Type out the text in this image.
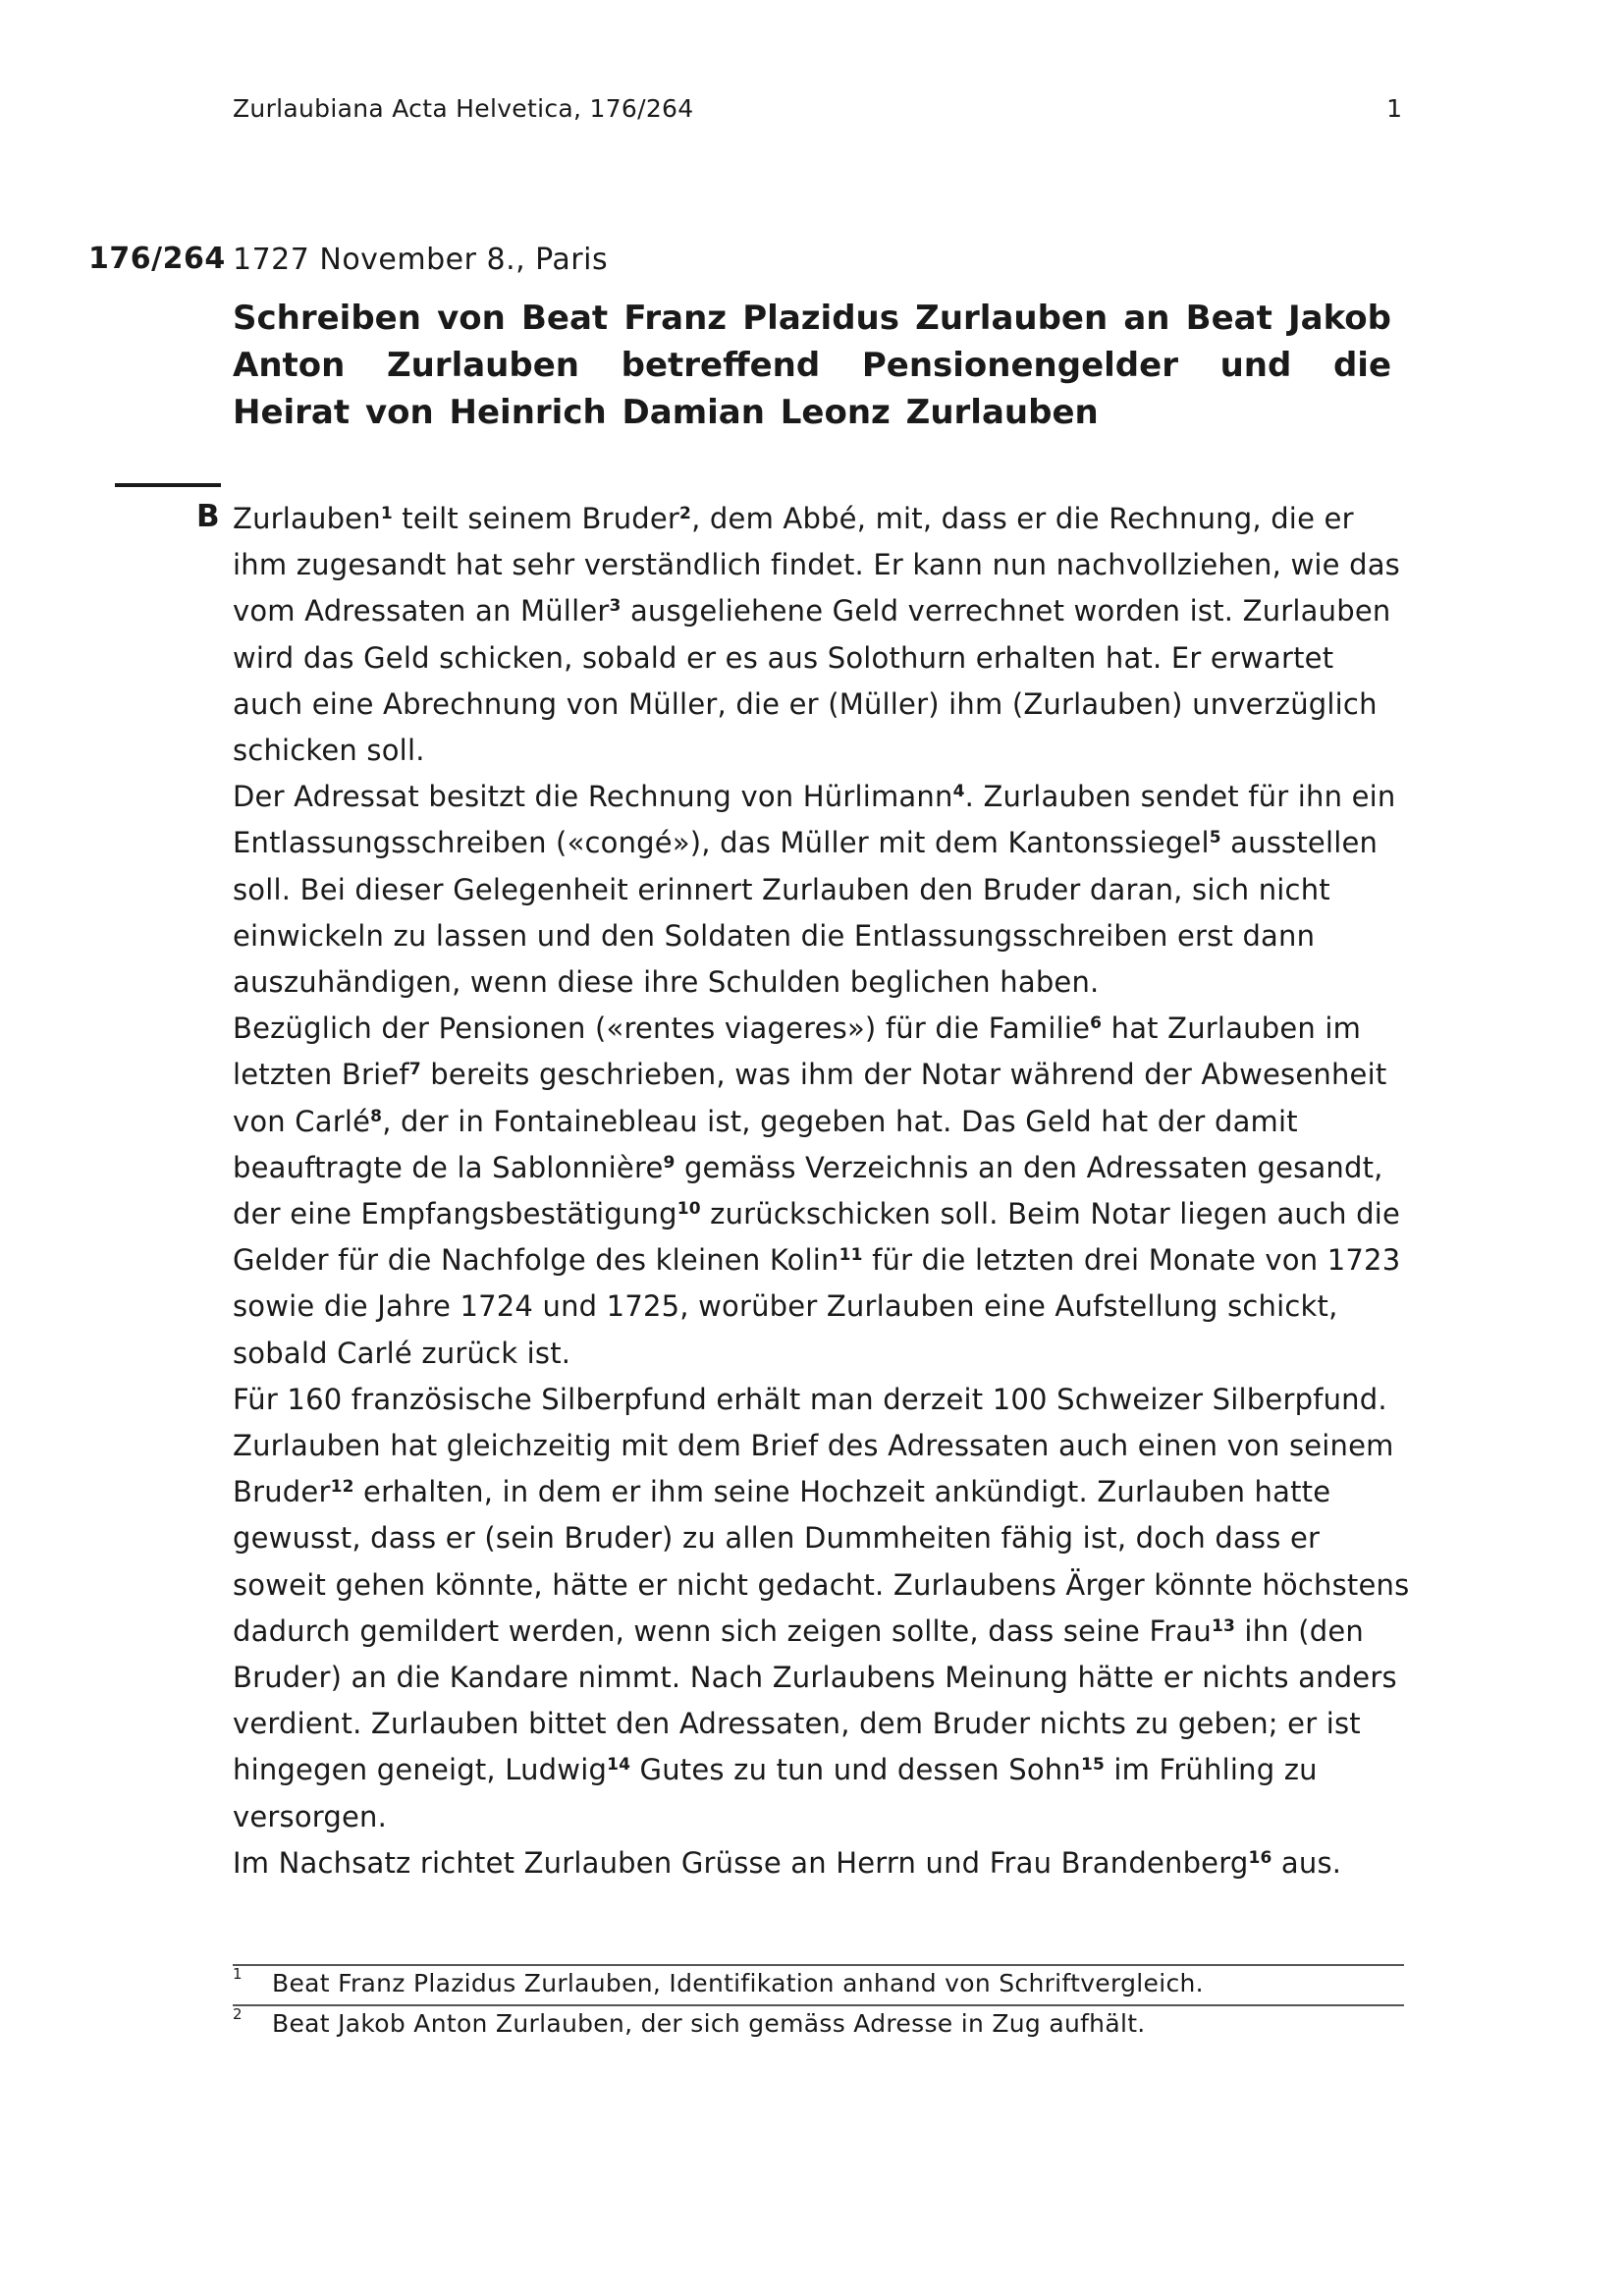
Zurlaubiana Acta Helvetica, 176/264	1
176/264 1727 November 8., Paris
Schreiben von Beat Franz Plazidus Zurlauben an Beat Jakob Anton Zurlauben betreffend Pensionengelder und die Heirat von Heinrich Damian Leonz Zurlauben
B Zurlauben$^1$ teilt seinem Bruder$^2$, dem Abbé, mit, dass er die Rechnung, die er ihm zugesandt hat sehr verständlich findet. Er kann nun nachvollziehen, wie das vom Adressaten an Müller$^3$ ausgeliehene Geld verrechnet worden ist. Zurlauben wird das Geld schicken, sobald er es aus Solothurn erhalten hat. Er erwartet auch eine Abrechnung von Müller, die er (Müller) ihm (Zurlauben) unverzüglich schicken soll.

Der Adressat besitzt die Rechnung von Hürlimann$^4$. Zurlauben sendet für ihn ein Entlassungsschreiben («congé»), das Müller mit dem Kantonssiegel$^5$ ausstellen soll. Bei dieser Gelegenheit erinnert Zurlauben den Bruder daran, sich nicht einwickeln zu lassen und den Soldaten die Entlassungsschreiben erst dann auszuhändigen, wenn diese ihre Schulden beglichen haben.

Bezüglich der Pensionen («rentes viageres») für die Familie$^6$ hat Zurlauben im letzten Brief$^7$ bereits geschrieben, was ihm der Notar während der Abwesenheit von Carlé$^8$, der in Fontainebleau ist, gegeben hat. Das Geld hat der damit beauftragte de la Sablonnière$^9$ gemäss Verzeichnis an den Adressaten gesandt, der eine Empfangsbestätigung$^{10}$ zurückschicken soll. Beim Notar liegen auch die Gelder für die Nachfolge des kleinen Kolin$^{11}$ für die letzten drei Monate von 1723 sowie die Jahre 1724 und 1725, worüber Zurlauben eine Aufstellung schickt, sobald Carlé zurück ist.

Für 160 französische Silberpfund erhält man derzeit 100 Schweizer Silberpfund. Zurlauben hat gleichzeitig mit dem Brief des Adressaten auch einen von seinem Bruder$^{12}$ erhalten, in dem er ihm seine Hochzeit ankündigt. Zurlauben hatte gewusst, dass er (sein Bruder) zu allen Dummheiten fähig ist, doch dass er soweit gehen könnte, hätte er nicht gedacht. Zurlaubens Ärger könnte höchstens dadurch gemildert werden, wenn sich zeigen sollte, dass seine Frau$^{13}$ ihn (den Bruder) an die Kandare nimmt. Nach Zurlaubens Meinung hätte er nichts anders verdient. Zurlauben bittet den Adressaten, dem Bruder nichts zu geben; er ist hingegen geneigt, Ludwig$^{14}$ Gutes zu tun und dessen Sohn$^{15}$ im Frühling zu versorgen.

Im Nachsatz richtet Zurlauben Grüsse an Herrn und Frau Brandenberg$^{16}$ aus.

1 Beat Franz Plazidus Zurlauben, Identifikation anhand von Schriftvergleich.
2 Beat Jakob Anton Zurlauben, der sich gemäss Adresse in Zug aufhält.
